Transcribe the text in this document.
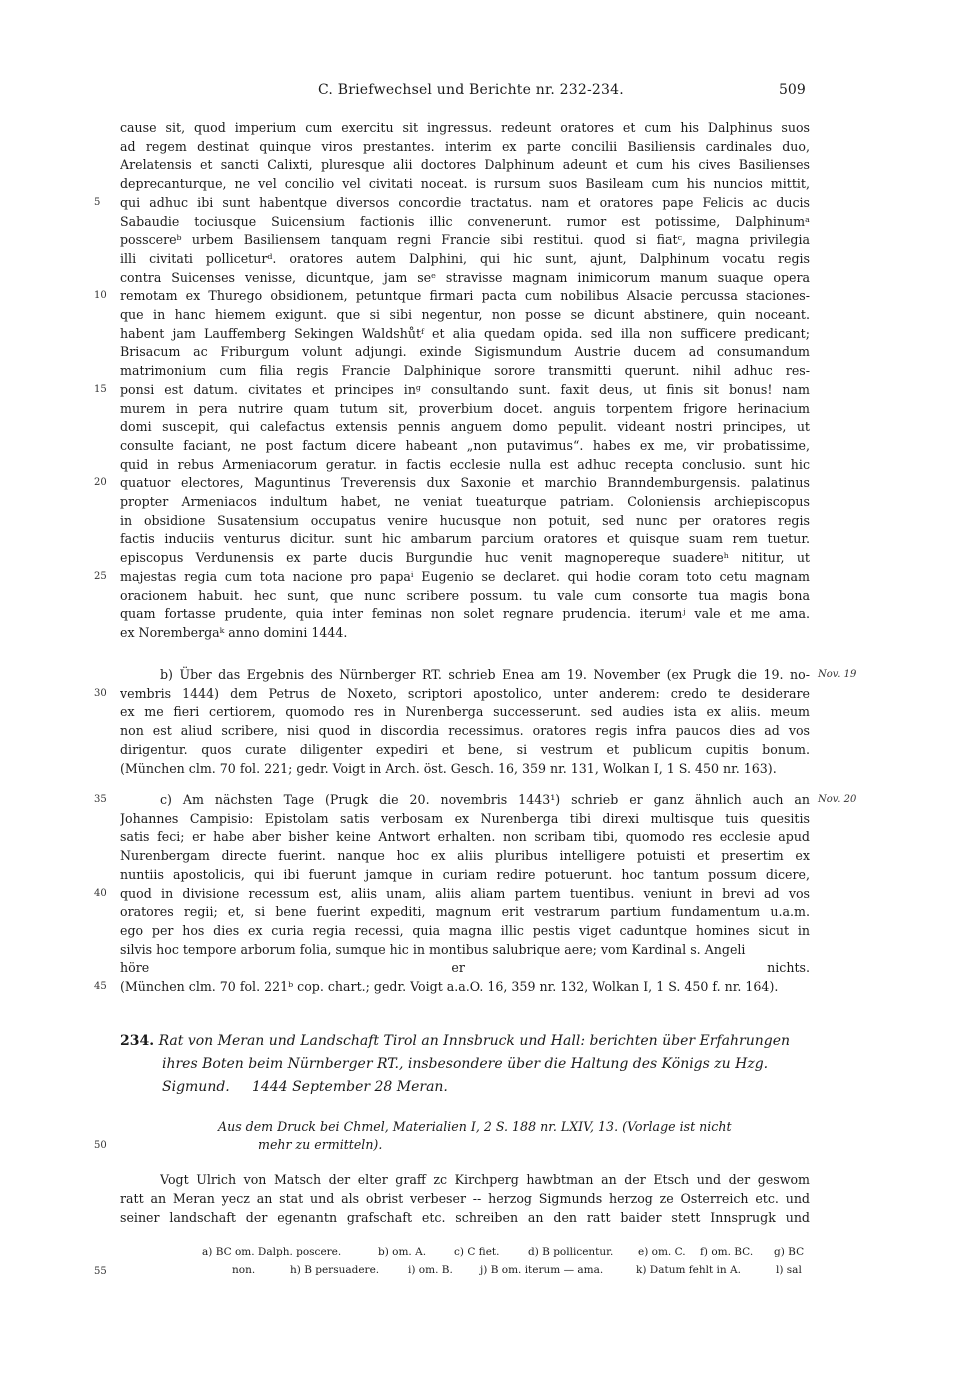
C. Briefwechsel und Berichte nr. 232-234.	509
cause sit, quod imperium cum exercitu sit ingressus. redeunt oratores et cum his Dalphinus suos
ad regem destinat quinque viros prestantes. interim ex parte concilii Basiliensis cardinales duo,
Arelatensis et sancti Calixti, pluresque alii doctores Dalphinum adeunt et cum his cives Basilienses
deprecanturque, ne vel concilio vel civitati noceat. is rursum suos Basileam cum his nuncios mittit,
qui adhuc ibi sunt habentque diversos concordie tractatus. nam et oratores pape Felicis ac ducis
5
Sabaudie tociusque Suicensium factionis illic convenerunt. rumor est potissime, Dalphinumᵃ
posscereᵇ urbem Basiliensem tanquam regni Francie sibi restitui. quod si fiatᶜ, magna privilegia
illi civitati polliceturᵈ. oratores autem Dalphini, qui hic sunt, ajunt, Dalphinum vocatu regis
contra Suicenses venisse, dicuntque, jam seᵉ stravisse magnam inimicorum manum suaque opera
remotam ex Thurego obsidionem, petuntque firmari pacta cum nobilibus Alsacie percussa staciones-
10
que in hanc hiemem exigunt. que si sibi negentur, non posse se dicunt abstinere, quin noceant.
habent jam Lauffemberg Sekingen Waldshůtᶠ et alia quedam opida. sed illa non sufficere predicant;
Brisacum ac Friburgum volunt adjungi. exinde Sigismundum Austrie ducem ad consumandum
matrimonium cum filia regis Francie Dalphinique sorore transmitti querunt. nihil adhuc res-
ponsi est datum. civitates et principes inᵍ consultando sunt. faxit deus, ut finis sit bonus! nam
15
murem in pera nutrire quam tutum sit, proverbium docet. anguis torpentem frigore herinacium
domi suscepit, qui calefactus extensis pennis anguem domo pepulit. videant nostri principes, ut
consulte faciant, ne post factum dicere habeant „non putavimus“. habes ex me, vir probatissime,
quid in rebus Armeniacorum geratur. in factis ecclesie nulla est adhuc recepta conclusio. sunt hic
quatuor electores, Maguntinus Treverensis dux Saxonie et marchio Branndemburgensis. palatinus
20
propter Armeniacos indultum habet, ne veniat tueaturque patriam. Coloniensis archiepiscopus
in obsidione Susatensium occupatus venire hucusque non potuit, sed nunc per oratores regis
factis induciis venturus dicitur. sunt hic ambarum parcium oratores et quisque suam rem tuetur.
episcopus Verdunensis ex parte ducis Burgundie huc venit magnopereque suadereʰ nititur, ut
majestas regia cum tota nacione pro papaⁱ Eugenio se declaret. qui hodie coram toto cetu magnam
25
oracionem habuit. hec sunt, que nunc scribere possum. tu vale cum consorte tua magis bona
quam fortasse prudente, quia inter feminas non solet regnare prudencia. iterumʲ vale et me ama.
ex Norembergaᵏ anno domini 1444.
b) Über das Ergebnis des Nürnberger RT. schrieb Enea am 19. November (ex Prugk die 19. no-
vembris 1444) dem Petrus de Noxeto, scriptori apostolico, unter anderem: credo te desiderare
30
ex me fieri certiorem, quomodo res in Nurenberga successerunt. sed audies ista ex aliis. meum
non est aliud scribere, nisi quod in discordia recessimus. oratores regis infra paucos dies ad vos
dirigentur. quos curate diligenter expediri et bene, si vestrum et publicum cupitis bonum.
(München clm. 70 fol. 221; gedr. Voigt in Arch. öst. Gesch. 16, 359 nr. 131, Wolkan I, 1 S. 450 nr. 163).
c) Am nächsten Tage (Prugk die 20. novembris 1443¹) schrieb er ganz ähnlich auch an
35
Johannes Campisio: Epistolam satis verbosam ex Nurenberga tibi direxi multisque tuis quesitis
satis feci; er habe aber bisher keine Antwort erhalten. non scribam tibi, quomodo res ecclesie apud
Nurenbergam directe fuerint. nanque hoc ex aliis pluribus intelligere potuisti et presertim ex
nuntiis apostolicis, qui ibi fuerunt jamque in curiam redire potuerunt. hoc tantum possum dicere,
quod in divisione recessum est, aliis unam, aliis aliam partem tuentibus. veniunt in brevi ad vos
40
oratores regii; et, si bene fuerint expediti, magnum erit vestrarum partium fundamentum u.a.m.
ego per hos dies ex curia regia recessi, quia magna illic pestis viget caduntque homines sicut in
silvis hoc tempore arborum folia, sumque hic in montibus salubrique aere; vom Kardinal s. Angeli
höre er nichts.
(München clm. 70 fol. 221ᵇ cop. chart.; gedr. Voigt a.a.O. 16, 359 nr. 132, Wolkan I, 1 S. 450 f. nr. 164).
45
Nov. 19
Nov. 20
234. Rat von Meran und Landschaft Tirol an Innsbruck und Hall: berichten über Erfahrungen
ihres Boten beim Nürnberger RT., insbesondere über die Haltung des Königs zu Hzg.
Sigmund.     1444 September 28 Meran.
Aus dem Druck bei Chmel, Materialien I, 2 S. 188 nr. LXIV, 13. (Vorlage ist nicht
mehr zu ermitteln).
50
Vogt Ulrich von Matsch der elter graff zc Kirchperg hawbtman an der Etsch und der geswom
ratt an Meran yecz an stat und als obrist verbeser -- herzog Sigmunds herzog ze Osterreich etc. und
seiner landschaft der egenantn grafschaft etc. schreiben an den ratt baider stett Innsprugk und
a) BC om. Dalph. poscere.	b) om. A.	c) C fiet.	d) B pollicentur. e) om. C. f) om. BC. g) BC
55	non.	h) B persuadere.	i) om. B.	j) B om. iterum — ama.	k) Datum fehlt in A.	l) sal
